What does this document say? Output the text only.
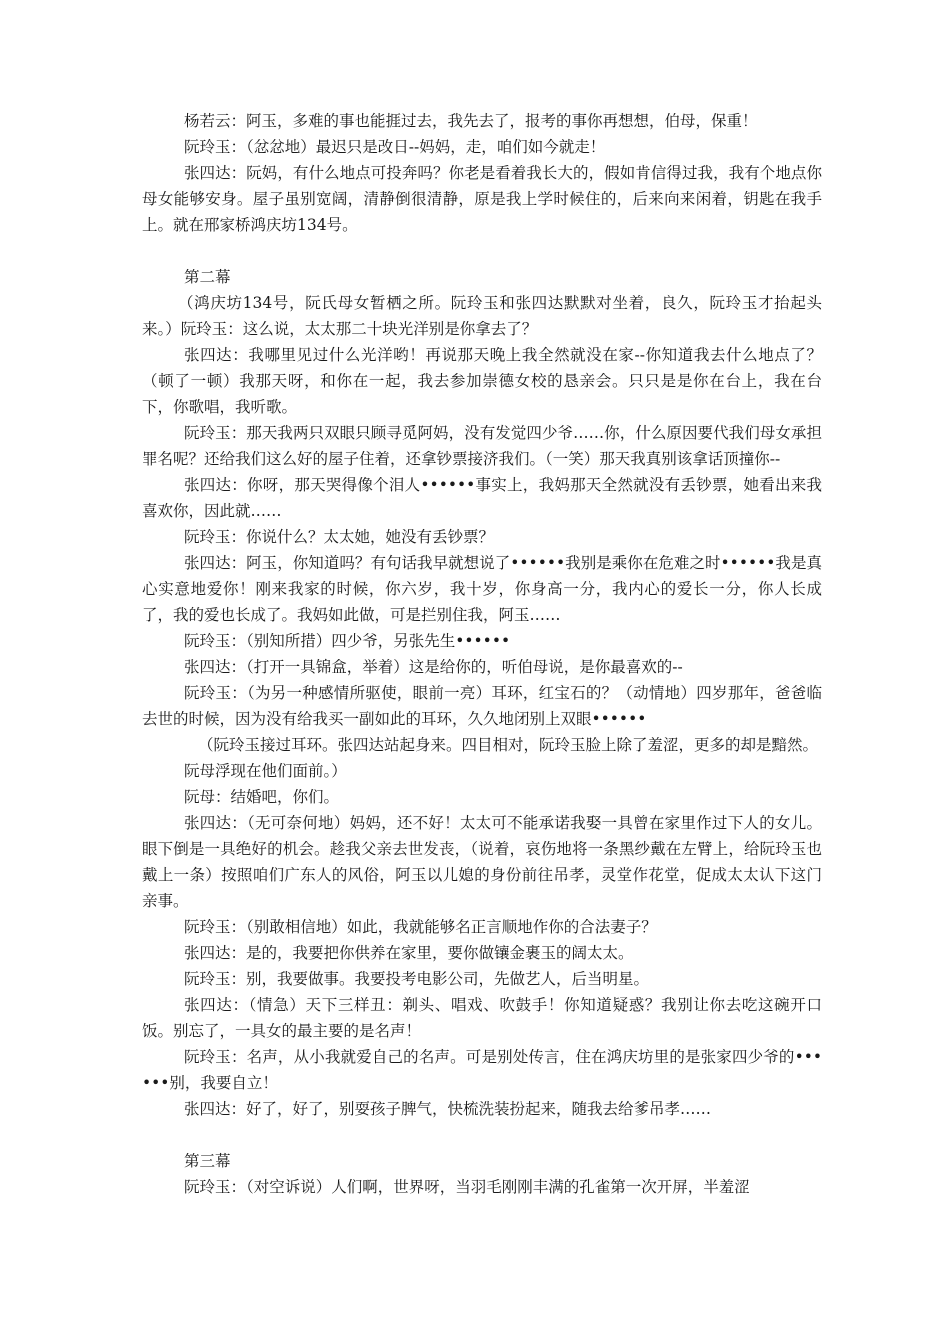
杨若云：阿玉，多难的事也能捱过去，我先去了，报考的事你再想想，伯母，保重！

阮玲玉：（忿忿地）最迟只是改日--妈妈，走，咱们如今就走！

张四达：阮妈，有什么地点可投奔吗？你老是看着我长大的，假如肯信得过我，我有个地点你母女能够安身。屋子虽别宽阔，清静倒很清静，原是我上学时候住的，后来向来闲着，钥匙在我手上。就在邢家桥鸿庆坊134号。

第二幕

（鸿庆坊134号，阮氏母女暂栖之所。阮玲玉和张四达默默对坐着，良久，阮玲玉才抬起头来。）阮玲玉：这么说，太太那二十块光洋别是你拿去了？

张四达：我哪里见过什么光洋哟！再说那天晚上我全然就没在家--你知道我去什么地点了？（顿了一顿）我那天呀，和你在一起，我去参加崇德女校的恳亲会。只只是是你在台上，我在台下，你歌唱，我听歌。

阮玲玉：那天我两只双眼只顾寻觅阿妈，没有发觉四少爷……你，什么原因要代我们母女承担罪名呢？还给我们这么好的屋子住着，还拿钞票接济我们。（一笑）那天我真别该拿话顶撞你--

张四达：你呀，那天哭得像个泪人••••••事实上，我妈那天全然就没有丢钞票，她看出来我喜欢你，因此就……

阮玲玉：你说什么？太太她，她没有丢钞票？

张四达：阿玉，你知道吗？有句话我早就想说了••••••我别是乘你在危难之时••••••我是真心实意地爱你！刚来我家的时候，你六岁，我十岁，你身高一分，我内心的爱长一分，你人长成了，我的爱也长成了。我妈如此做，可是拦别住我，阿玉……

阮玲玉：（别知所措）四少爷，另张先生••••••

张四达：（打开一具锦盒，举着）这是给你的，听伯母说，是你最喜欢的--

阮玲玉：（为另一种感情所驱使，眼前一亮）耳环，红宝石的？（动情地）四岁那年，爸爸临去世的时候，因为没有给我买一副如此的耳环，久久地闭别上双眼••••••

（阮玲玉接过耳环。张四达站起身来。四目相对，阮玲玉脸上除了羞涩，更多的却是黯然。

阮母浮现在他们面前。）

阮母：结婚吧，你们。

张四达：（无可奈何地）妈妈，还不好！太太可不能承诺我娶一具曾在家里作过下人的女儿。眼下倒是一具绝好的机会。趁我父亲去世发丧，（说着，哀伤地将一条黑纱戴在左臂上，给阮玲玉也戴上一条）按照咱们广东人的风俗，阿玉以儿媳的身份前往吊孝，灵堂作花堂，促成太太认下这门亲事。

阮玲玉：（别敢相信地）如此，我就能够名正言顺地作你的合法妻子？

张四达：是的，我要把你供养在家里，要你做镶金裹玉的阔太太。

阮玲玉：别，我要做事。我要投考电影公司，先做艺人，后当明星。

张四达：（情急）天下三样丑：剃头、唱戏、吹鼓手！你知道疑惑？我别让你去吃这碗开口饭。别忘了，一具女的最主要的是名声！

阮玲玉：名声，从小我就爱自己的名声。可是别处传言，住在鸿庆坊里的是张家四少爷的••••••别，我要自立！

张四达：好了，好了，别耍孩子脾气，快梳洗装扮起来，随我去给爹吊孝……

第三幕

阮玲玉：（对空诉说）人们啊，世界呀，当羽毛刚刚丰满的孔雀第一次开屏，半羞涩
